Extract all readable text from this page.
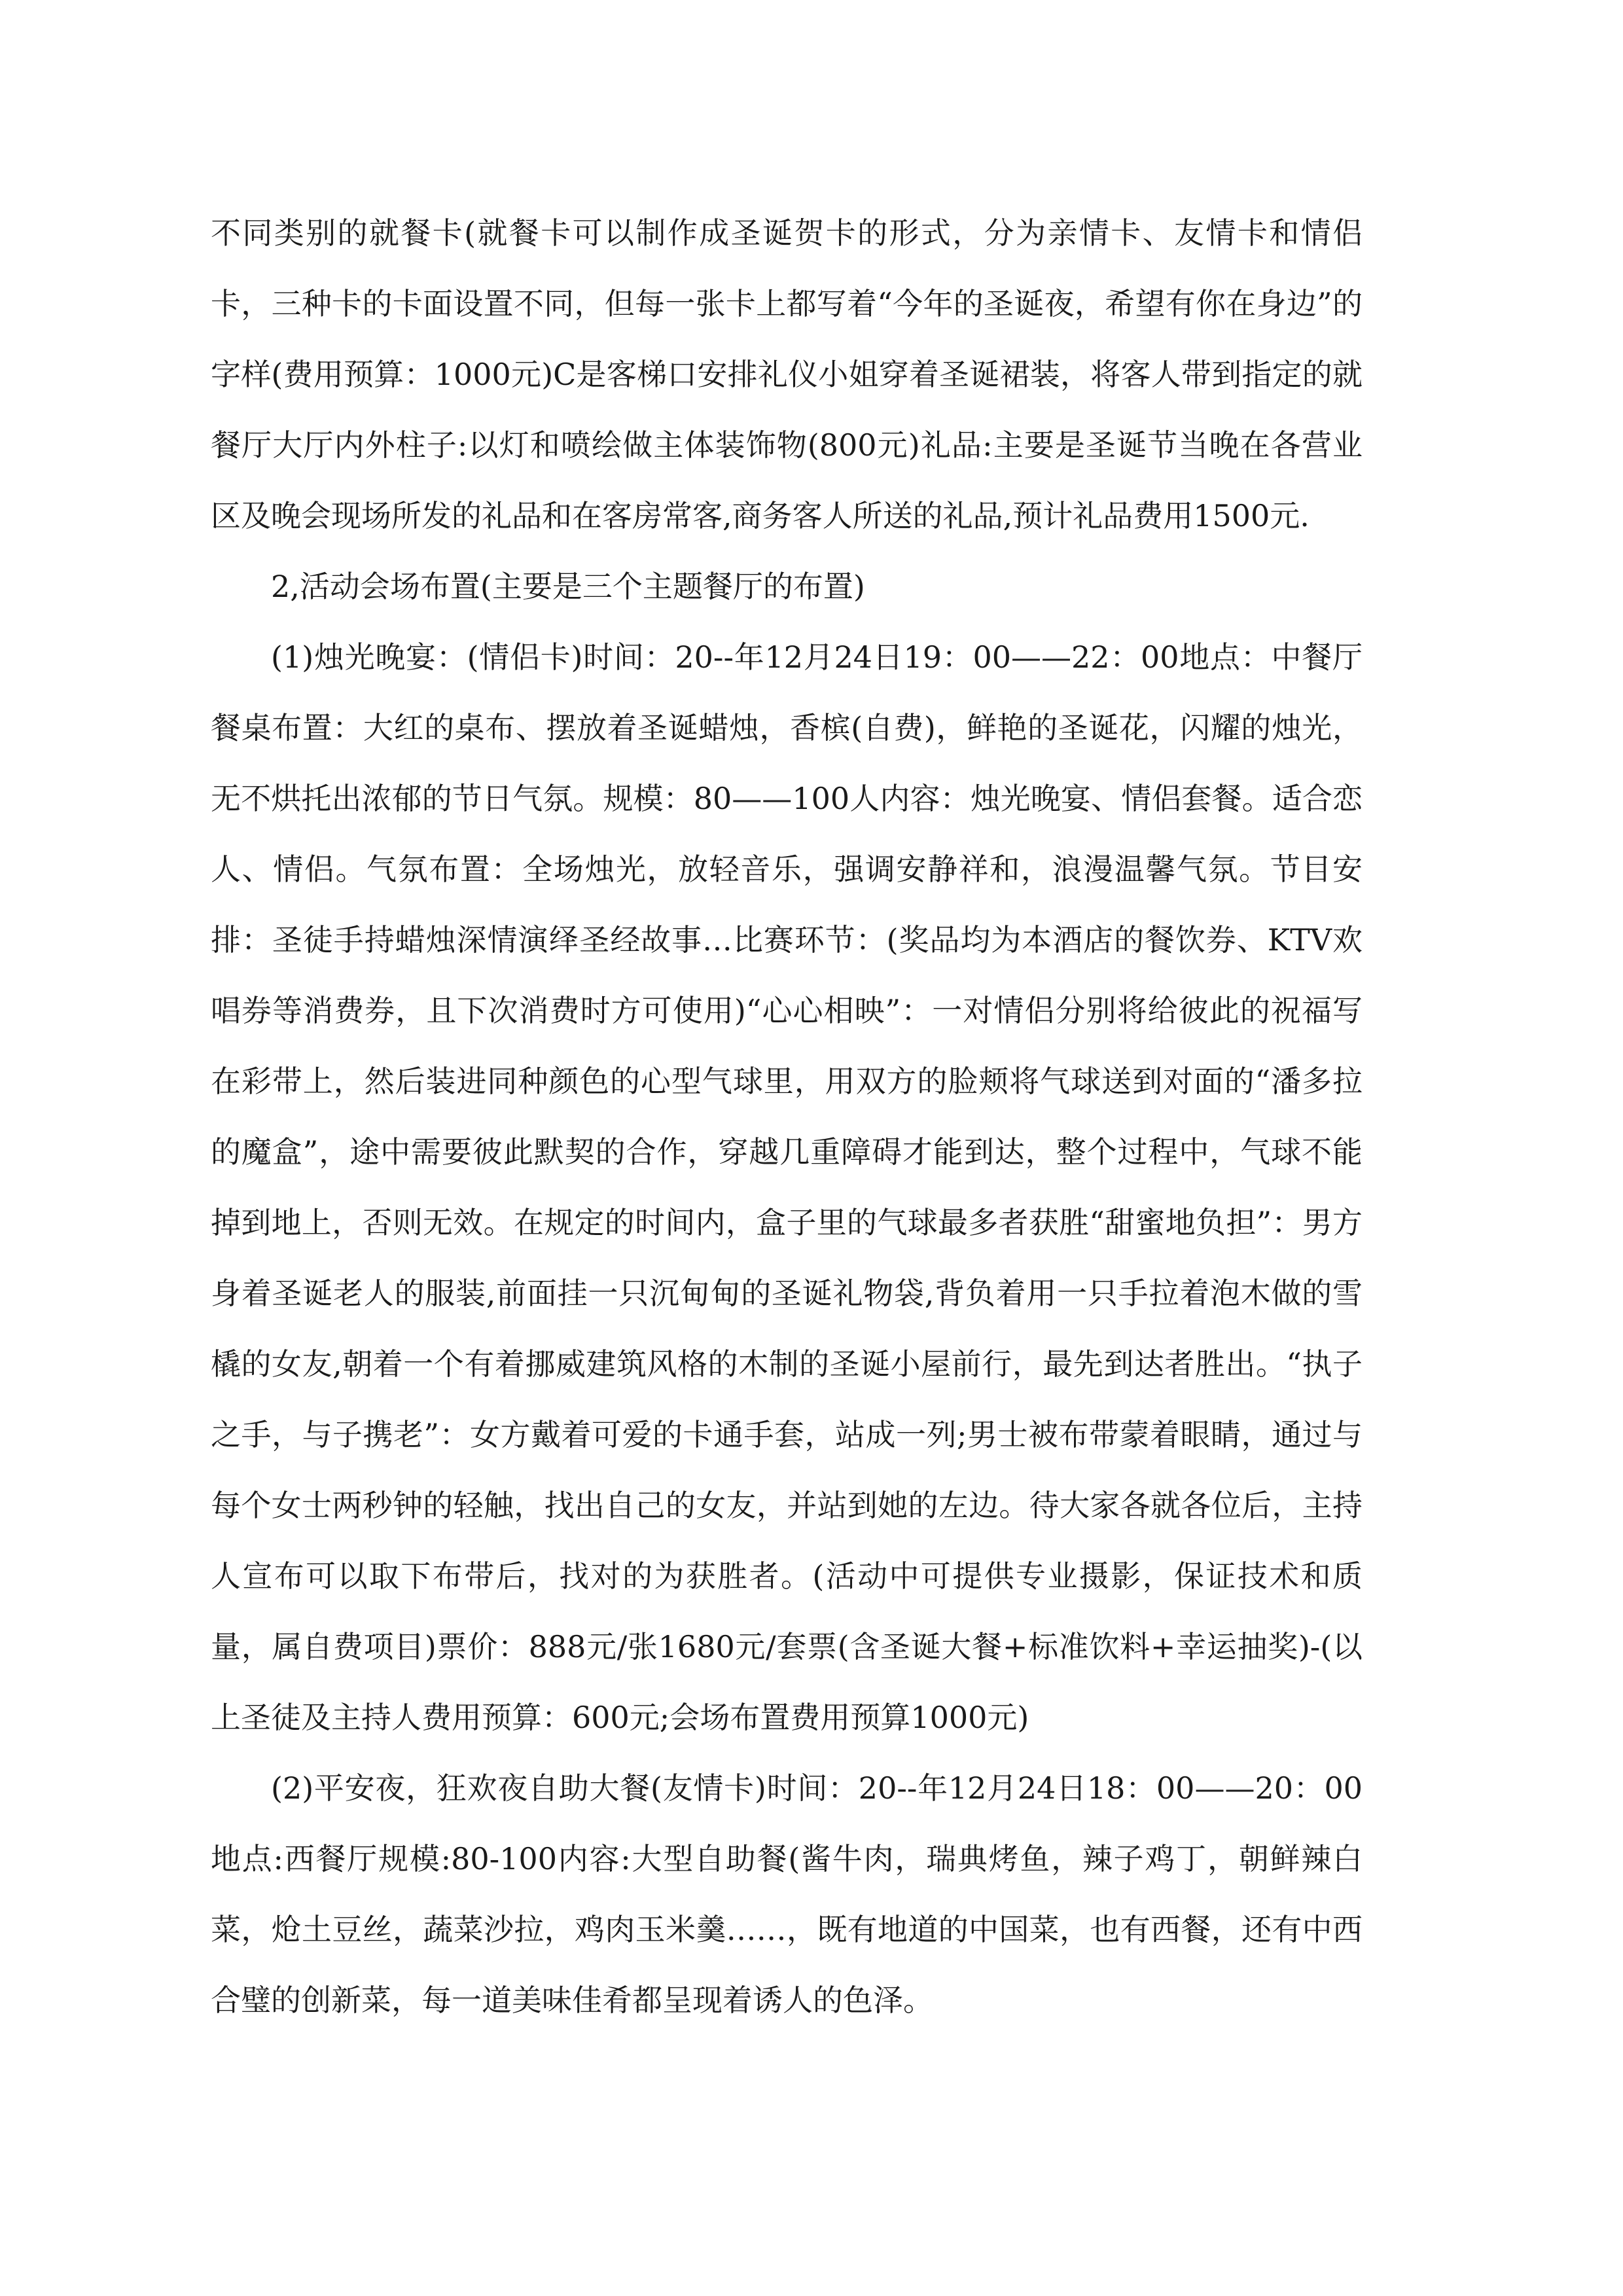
不同类别的就餐卡(就餐卡可以制作成圣诞贺卡的形式，分为亲情卡、友情卡和情侣卡，三种卡的卡面设置不同，但每一张卡上都写着“今年的圣诞夜，希望有你在身边”的字样(费用预算：1000元)C是客梯口安排礼仪小姐穿着圣诞裙装，将客人带到指定的就餐厅大厅内外柱子:以灯和喷绘做主体装饰物(800元)礼品:主要是圣诞节当晚在各营业区及晚会现场所发的礼品和在客房常客,商务客人所送的礼品,预计礼品费用1500元.

2,活动会场布置(主要是三个主题餐厅的布置)

(1)烛光晚宴：(情侣卡)时间：20--年12月24日19：00——22：00地点：中餐厅餐桌布置：大红的桌布、摆放着圣诞蜡烛，香槟(自费)，鲜艳的圣诞花，闪耀的烛光，无不烘托出浓郁的节日气氛。规模：80——100人内容：烛光晚宴、情侣套餐。适合恋人、情侣。气氛布置：全场烛光，放轻音乐，强调安静祥和，浪漫温馨气氛。节目安排：圣徒手持蜡烛深情演绎圣经故事…比赛环节：(奖品均为本酒店的餐饮券、KTV欢唱券等消费券，且下次消费时方可使用)“心心相映”：一对情侣分别将给彼此的祝福写在彩带上，然后装进同种颜色的心型气球里，用双方的脸颊将气球送到对面的“潘多拉的魔盒”，途中需要彼此默契的合作，穿越几重障碍才能到达，整个过程中，气球不能掉到地上，否则无效。在规定的时间内，盒子里的气球最多者获胜“甜蜜地负担”：男方身着圣诞老人的服装,前面挂一只沉甸甸的圣诞礼物袋,背负着用一只手拉着泡木做的雪橇的女友,朝着一个有着挪威建筑风格的木制的圣诞小屋前行，最先到达者胜出。“执子之手，与子携老”：女方戴着可爱的卡通手套，站成一列;男士被布带蒙着眼睛，通过与每个女士两秒钟的轻触，找出自己的女友，并站到她的左边。待大家各就各位后，主持人宣布可以取下布带后，找对的为获胜者。(活动中可提供专业摄影，保证技术和质量，属自费项目)票价：888元/张1680元/套票(含圣诞大餐+标准饮料+幸运抽奖)-(以上圣徒及主持人费用预算：600元;会场布置费用预算1000元)

(2)平安夜，狂欢夜自助大餐(友情卡)时间：20--年12月24日18：00——20：00地点:西餐厅规模:80-100内容:大型自助餐(酱牛肉，瑞典烤鱼，辣子鸡丁，朝鲜辣白菜，炝土豆丝，蔬菜沙拉，鸡肉玉米羹……，既有地道的中国菜，也有西餐，还有中西合璧的创新菜，每一道美味佳肴都呈现着诱人的色泽。
